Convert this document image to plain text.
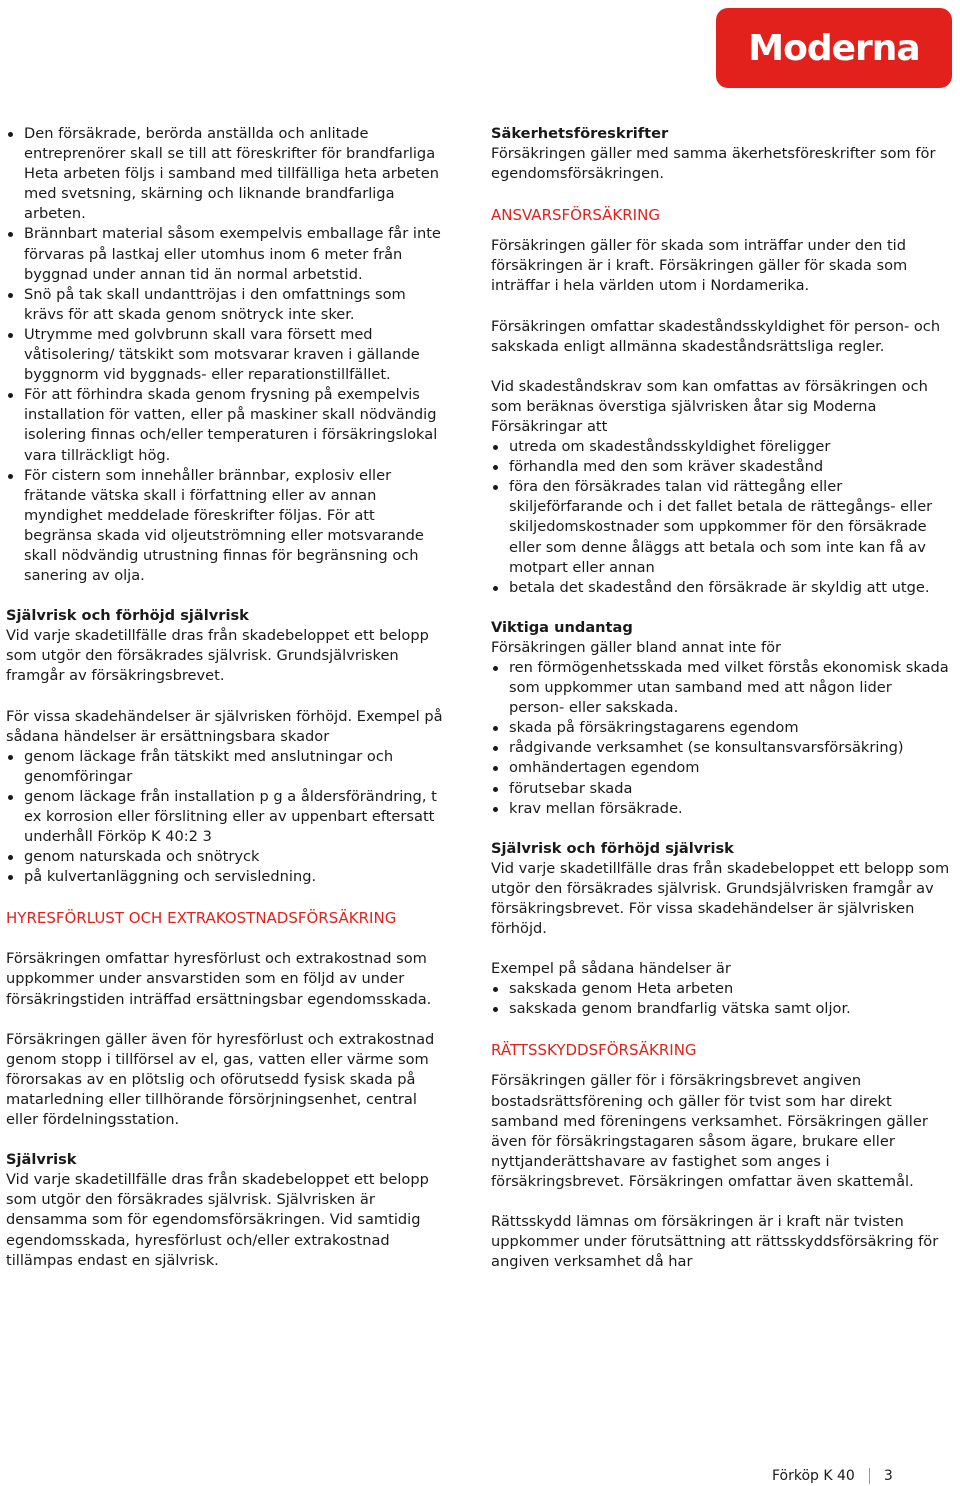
Moderna
Den försäkrade, berörda anställda och anlitade entreprenörer skall se till att föreskrifter för brandfarliga Heta arbeten följs i samband med tillfälliga heta arbeten med svetsning, skärning och liknande brandfarliga arbeten.
Brännbart material såsom exempelvis emballage får inte förvaras på lastkaj eller utomhus inom 6 meter från byggnad under annan tid än normal arbetstid.
Snö på tak skall undanttröjas i den omfattnings som krävs för att skada genom snötryck inte sker.
Utrymme med golvbrunn skall vara försett med våtisolering/ tätskikt som motsvarar kraven i gällande byggnorm vid byggnads- eller reparationstillfället.
För att förhindra skada genom frysning på exempelvis installation för vatten, eller på maskiner skall nödvändig isolering finnas och/eller temperaturen i försäkringslokal vara tillräckligt hög.
För cistern som innehåller brännbar, explosiv eller frätande vätska skall i författning eller av annan myndighet meddelade föreskrifter följas. För att begränsa skada vid oljeutströmning eller motsvarande skall nödvändig utrustning finnas för begränsning och sanering av olja.

Självrisk och förhöjd självrisk

Vid varje skadetillfälle dras från skadebeloppet ett belopp som utgör den försäkrades självrisk. Grundsjälvrisken framgår av försäkringsbrevet.

För vissa skadehändelser är självrisken förhöjd. Exempel på sådana händelser är ersättningsbara skador

genom läckage från tätskikt med anslutningar och genomföringar
genom läckage från installation p g a åldersförändring, t ex korrosion eller förslitning eller av uppenbart eftersatt underhåll Förköp K 40:2 3
genom naturskada och snötryck
på kulvertanläggning och servisledning.

HYRESFÖRLUST OCH EXTRAKOSTNADSFÖRSÄKRING

Försäkringen omfattar hyresförlust och extrakostnad som uppkommer under ansvarstiden som en följd av under försäkringstiden inträffad ersättningsbar egendomsskada.

Försäkringen gäller även för hyresförlust och extrakostnad genom stopp i tillförsel av el, gas, vatten eller värme som förorsakas av en plötslig och oförutsedd fysisk skada på matarledning eller tillhörande försörjningsenhet, central eller fördelningsstation.

Självrisk

Vid varje skadetillfälle dras från skadebeloppet ett belopp som utgör den försäkrades självrisk. Självrisken är densamma som för egendomsförsäkringen. Vid samtidig egendomsskada, hyresförlust och/eller extrakostnad tillämpas endast en självrisk.

Säkerhetsföreskrifter

Försäkringen gäller med samma äkerhetsföreskrifter som för egendomsförsäkringen.

ANSVARSFÖRSÄKRING

Försäkringen gäller för skada som inträffar under den tid försäkringen är i kraft. Försäkringen gäller för skada som inträffar i hela världen utom i Nordamerika.

Försäkringen omfattar skadeståndsskyldighet för person- och sakskada enligt allmänna skadeståndsrättsliga regler.

Vid skadeståndskrav som kan omfattas av försäkringen och som beräknas överstiga självrisken åtar sig Moderna Försäkringar att

utreda om skadeståndsskyldighet föreligger
förhandla med den som kräver skadestånd
föra den försäkrades talan vid rättegång eller skiljeförfarande och i det fallet betala de rättegångs- eller skiljedomskostnader som uppkommer för den försäkrade eller som denne åläggs att betala och som inte kan få av motpart eller annan
betala det skadestånd den försäkrade är skyldig att utge.

Viktiga undantag

Försäkringen gäller bland annat inte för

ren förmögenhetsskada med vilket förstås ekonomisk skada som uppkommer utan samband med att någon lider person- eller sakskada.
skada på försäkringstagarens egendom
rådgivande verksamhet (se konsultansvarsförsäkring)
omhändertagen egendom
förutsebar skada
krav mellan försäkrade.

Självrisk och förhöjd självrisk

Vid varje skadetillfälle dras från skadebeloppet ett belopp som utgör den försäkrades självrisk. Grundsjälvrisken framgår av försäkringsbrevet. För vissa skadehändelser är självrisken förhöjd.

Exempel på sådana händelser är

sakskada genom Heta arbeten
sakskada genom brandfarlig vätska samt oljor.

RÄTTSSKYDDSFÖRSÄKRING

Försäkringen gäller för i försäkringsbrevet angiven bostadsrättsförening och gäller för tvist som har direkt samband med föreningens verksamhet. Försäkringen gäller även för försäkringstagaren såsom ägare, brukare eller nyttjanderättshavare av fastighet som anges i försäkringsbrevet. Försäkringen omfattar även skattemål.

Rättsskydd lämnas om försäkringen är i kraft när tvisten uppkommer under förutsättning att rättsskyddsförsäkring för angiven verksamhet då har

Förköp K 40 3
